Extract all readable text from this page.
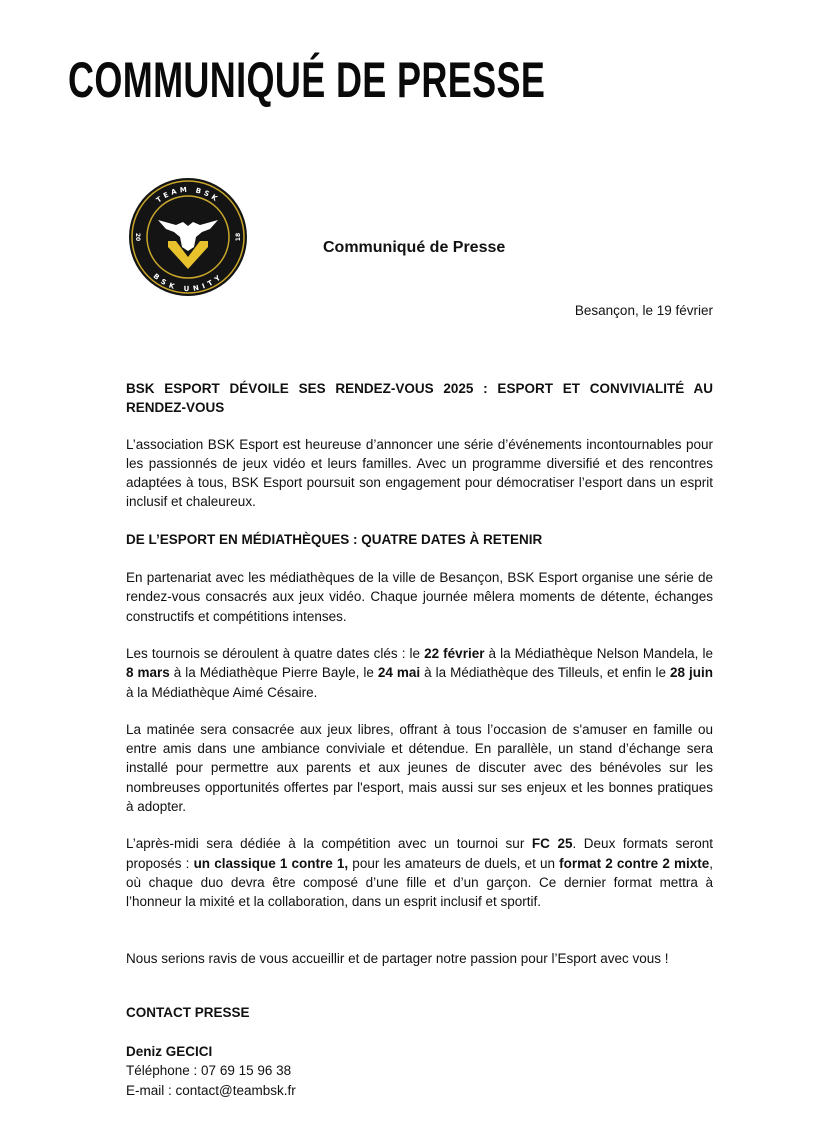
COMMUNIQUÉ DE PRESSE
TEAM BSK
BSK UNITY
20	18
Communiqué de Presse
Besançon, le 19 février
BSK ESPORT DÉVOILE SES RENDEZ-VOUS 2025 : ESPORT ET CONVIVIALITÉ AU RENDEZ-VOUS

L’association BSK Esport est heureuse d’annoncer une série d’événements incontournables pour les passionnés de jeux vidéo et leurs familles. Avec un programme diversifié et des rencontres adaptées à tous, BSK Esport poursuit son engagement pour démocratiser l’esport dans un esprit inclusif et chaleureux.

DE L’ESPORT EN MÉDIATHÈQUES : QUATRE DATES À RETENIR

En partenariat avec les médiathèques de la ville de Besançon, BSK Esport organise une série de rendez-vous consacrés aux jeux vidéo. Chaque journée mêlera moments de détente, échanges constructifs et compétitions intenses.

Les tournois se déroulent à quatre dates clés : le 22 février à la Médiathèque Nelson Mandela, le 8 mars à la Médiathèque Pierre Bayle, le 24 mai à la Médiathèque des Tilleuls, et enfin le 28 juin à la Médiathèque Aimé Césaire.

La matinée sera consacrée aux jeux libres, offrant à tous l’occasion de s'amuser en famille ou entre amis dans une ambiance conviviale et détendue. En parallèle, un stand d’échange sera installé pour permettre aux parents et aux jeunes de discuter avec des bénévoles sur les nombreuses opportunités offertes par l'esport, mais aussi sur ses enjeux et les bonnes pratiques à adopter.

L’après-midi sera dédiée à la compétition avec un tournoi sur FC 25. Deux formats seront proposés : un classique 1 contre 1, pour les amateurs de duels, et un format 2 contre 2 mixte, où chaque duo devra être composé d’une fille et d’un garçon. Ce dernier format mettra à l’honneur la mixité et la collaboration, dans un esprit inclusif et sportif.

Nous serions ravis de vous accueillir et de partager notre passion pour l’Esport avec vous !

CONTACT PRESSE
Deniz GECICI
Téléphone : 07 69 15 96 38
E-mail : contact@teambsk.fr
